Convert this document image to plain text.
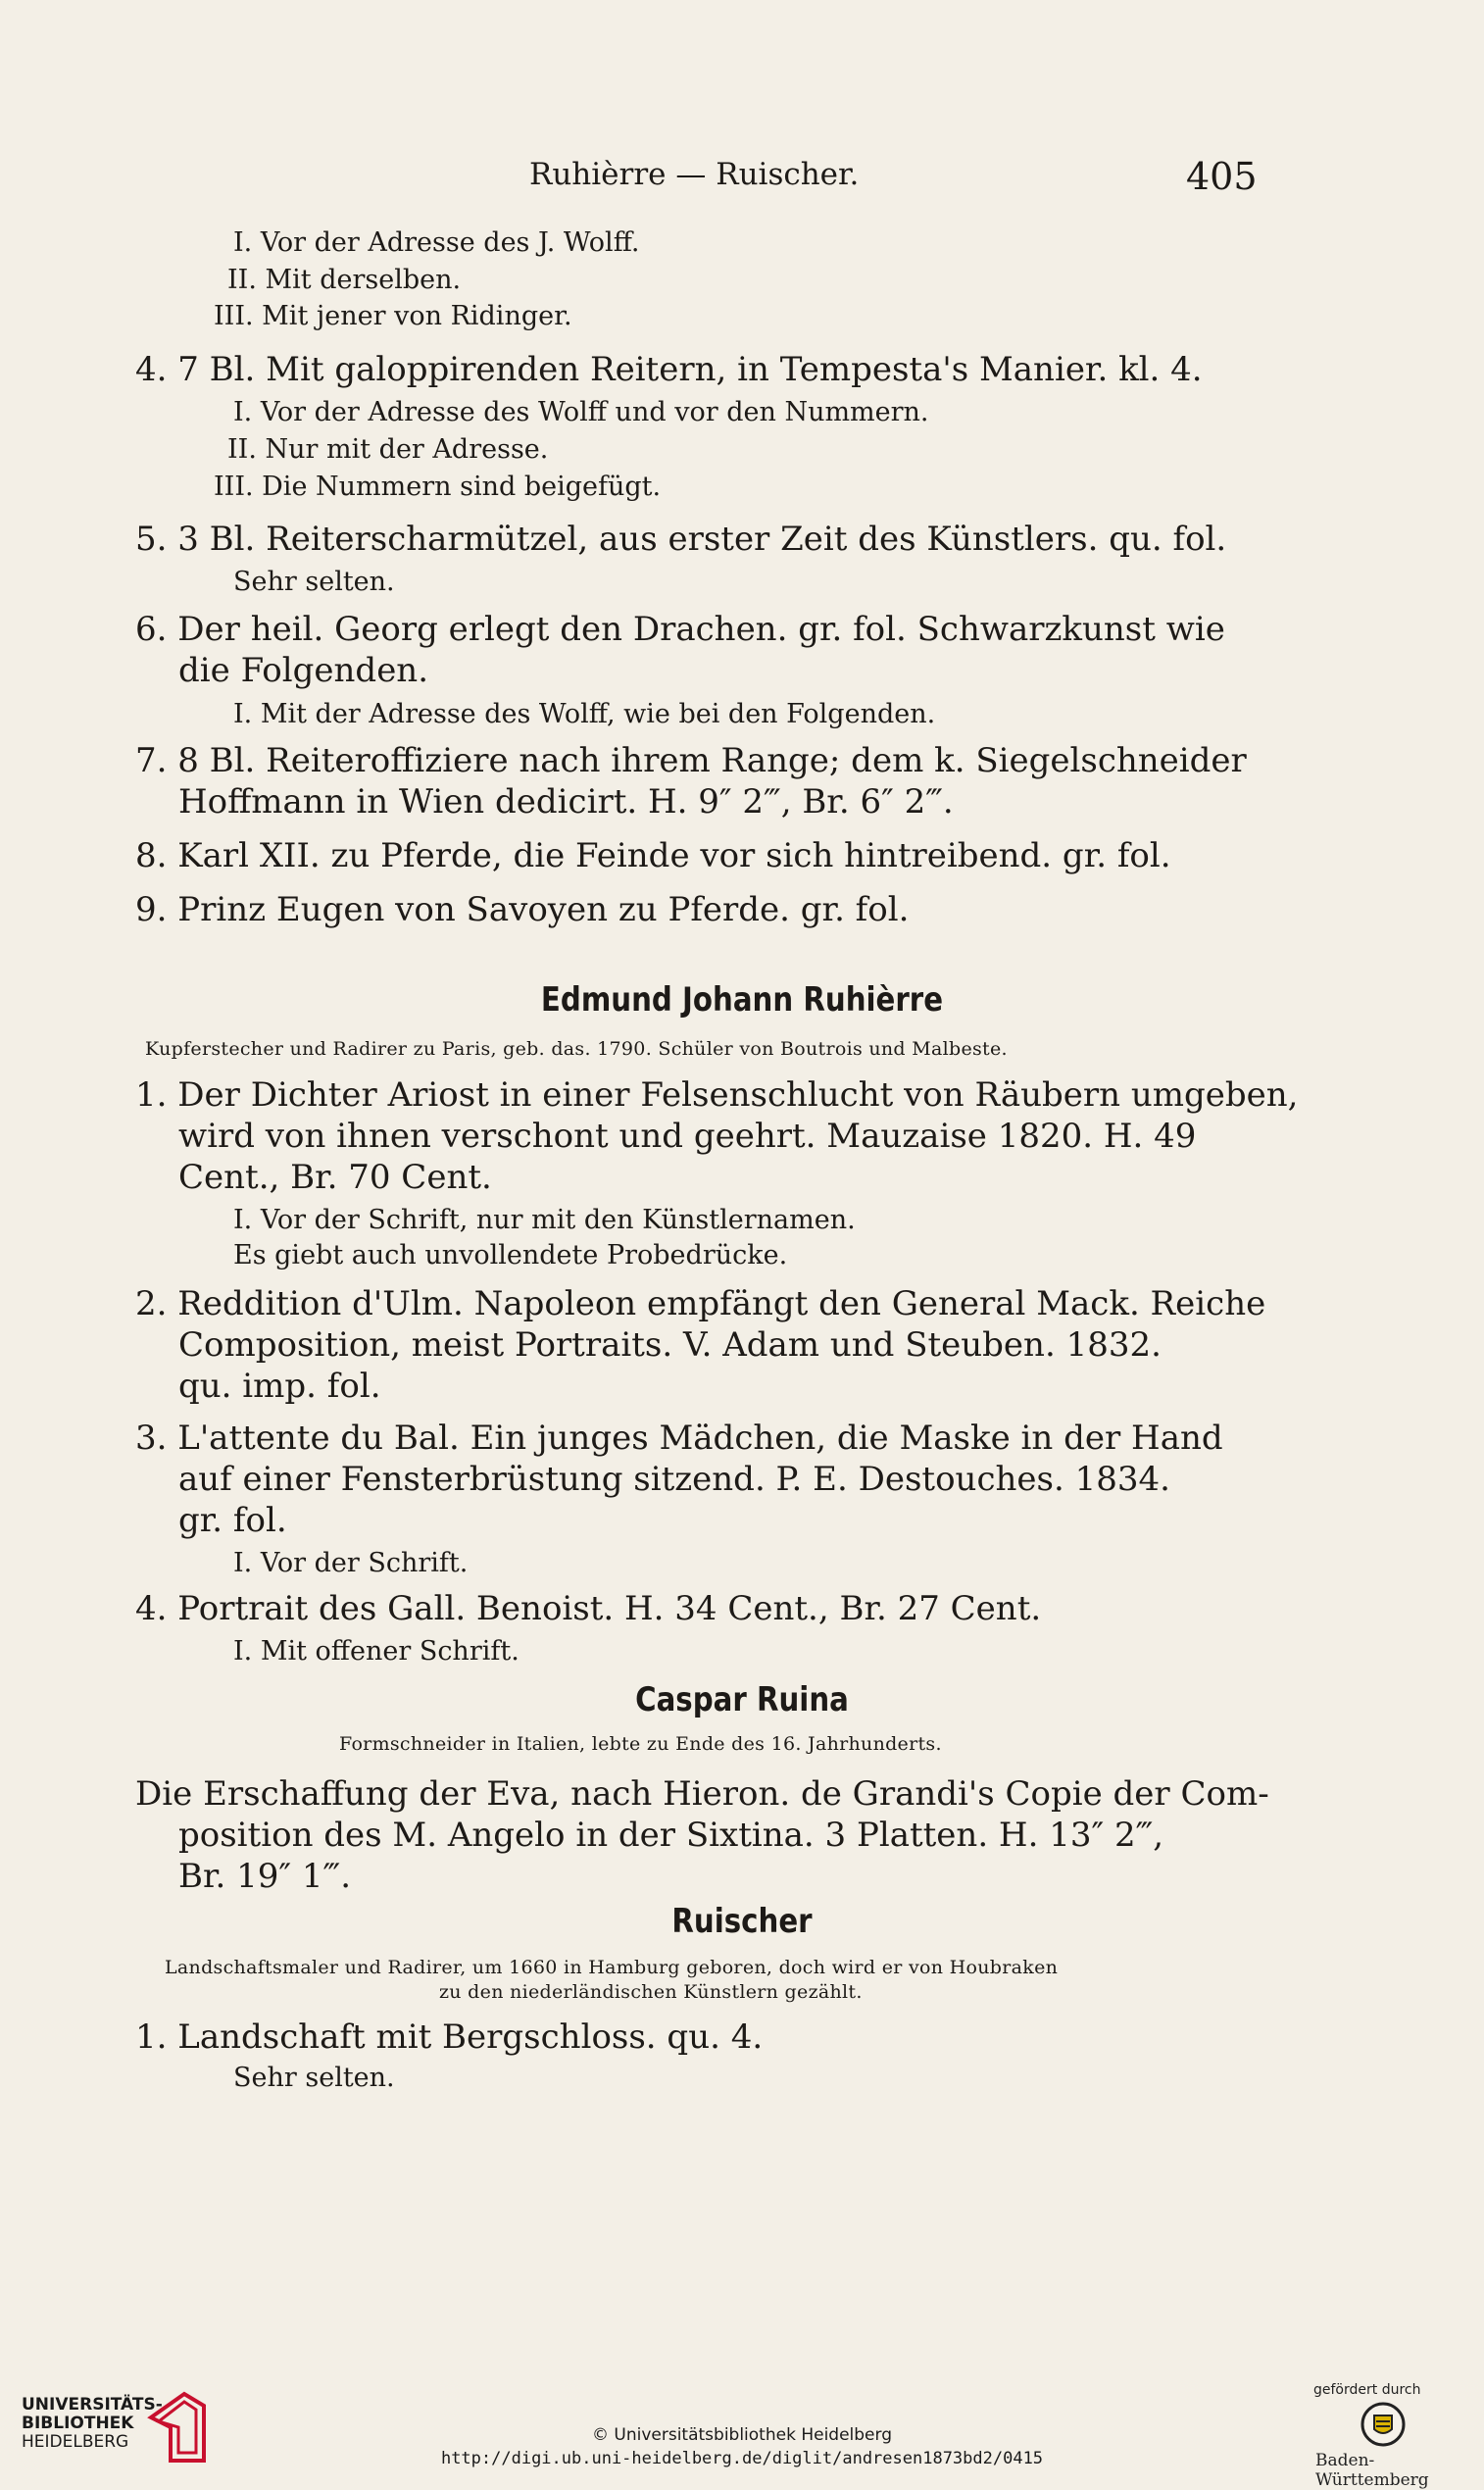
Ruhièrre — Ruischer.	405
I. Vor der Adresse des J. Wolff.
II. Mit derselben.
III. Mit jener von Ridinger.
4. 7 Bl. Mit galoppirenden Reitern, in Tempesta's Manier. kl. 4.
I. Vor der Adresse des Wolff und vor den Nummern.
II. Nur mit der Adresse.
III. Die Nummern sind beigefügt.
5. 3 Bl. Reiterscharmützel, aus erster Zeit des Künstlers. qu. fol.
Sehr selten.
6. Der heil. Georg erlegt den Drachen. gr. fol. Schwarzkunst wie
die Folgenden.
I. Mit der Adresse des Wolff, wie bei den Folgenden.
7. 8 Bl. Reiteroffiziere nach ihrem Range; dem k. Siegelschneider
Hoffmann in Wien dedicirt. H. 9″ 2‴, Br. 6″ 2‴.
8. Karl XII. zu Pferde, die Feinde vor sich hintreibend. gr. fol.
9. Prinz Eugen von Savoyen zu Pferde. gr. fol.
Edmund Johann Ruhièrre
Kupferstecher und Radirer zu Paris, geb. das. 1790. Schüler von Boutrois und Malbeste.
1. Der Dichter Ariost in einer Felsenschlucht von Räubern umgeben,
wird von ihnen verschont und geehrt. Mauzaise 1820. H. 49
Cent., Br. 70 Cent.
I. Vor der Schrift, nur mit den Künstlernamen.
Es giebt auch unvollendete Probedrücke.
2. Reddition d'Ulm. Napoleon empfängt den General Mack. Reiche
Composition, meist Portraits. V. Adam und Steuben. 1832.
qu. imp. fol.
3. L'attente du Bal. Ein junges Mädchen, die Maske in der Hand
auf einer Fensterbrüstung sitzend. P. E. Destouches. 1834.
gr. fol.
I. Vor der Schrift.
4. Portrait des Gall. Benoist. H. 34 Cent., Br. 27 Cent.
I. Mit offener Schrift.
Caspar Ruina
Formschneider in Italien, lebte zu Ende des 16. Jahrhunderts.
Die Erschaffung der Eva, nach Hieron. de Grandi's Copie der Com-
position des M. Angelo in der Sixtina. 3 Platten. H. 13″ 2‴,
Br. 19″ 1‴.
Ruischer
Landschaftsmaler und Radirer, um 1660 in Hamburg geboren, doch wird er von Houbraken
zu den niederländischen Künstlern gezählt.
1. Landschaft mit Bergschloss. qu. 4.
Sehr selten.
UNIVERSITÄTS-
BIBLIOTHEK
HEIDELBERG	© Universitätsbibliothek Heidelberg
http://digi.ub.uni-heidelberg.de/diglit/andresen1873bd2/0415
gefördert durch
Baden-Württemberg
